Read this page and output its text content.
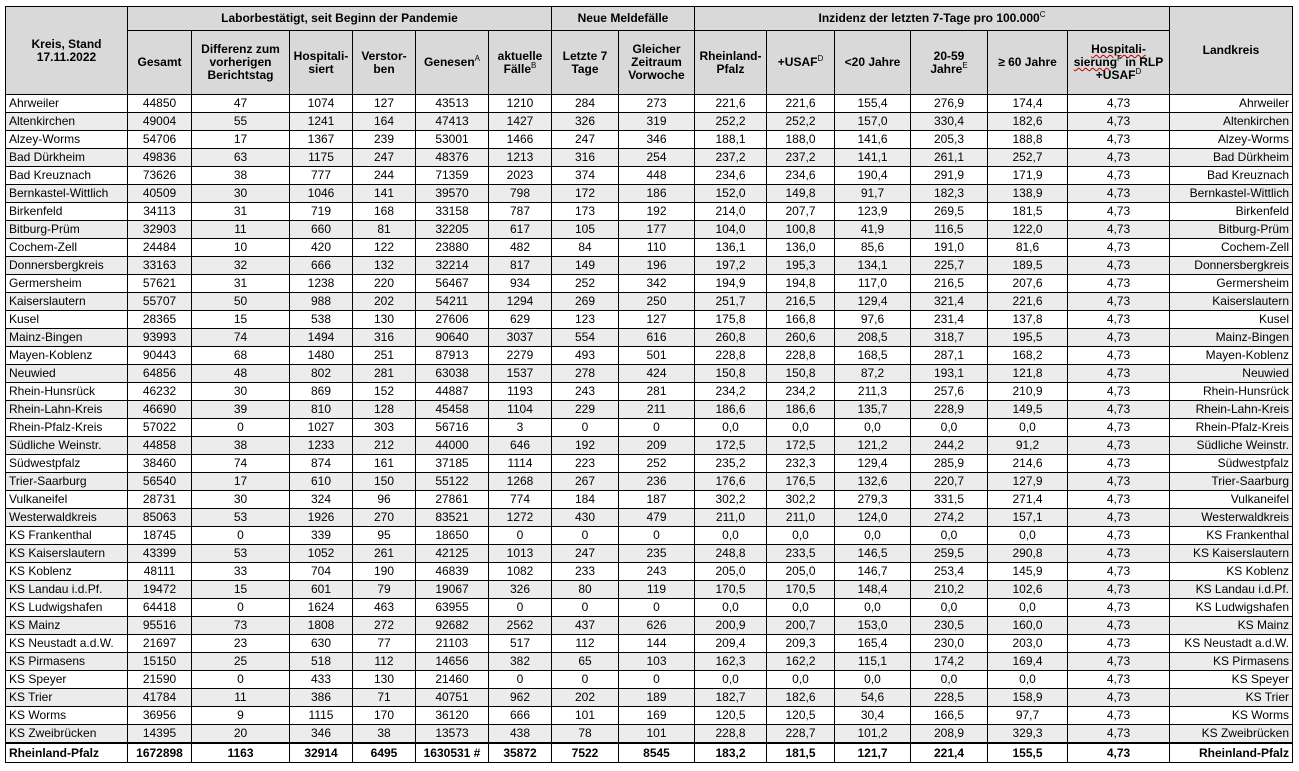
Kreis, Stand 17.11.2022	Laborbestätigt, seit Beginn der Pandemie						Neue Meldefälle		Inzidenz der letzten 7-Tage pro $100.000^C$						Landkreis
	Gesamt	Differenz zum vorherigen Berichtstag	Hospitali-siert	Verstor-ben	Genesen$^A$	aktuelle Fälle$^B$	Letzte 7 Tage	Gleicher Zeitraum Vorwoche	Rheinland-Pfalz	$+USAF^D$	<20 Jahre	20-59 Jahre$^E$	≥ 60 Jahre	Hospitali-sierung$^F$ in RLP $+USAF^D$
Ahrweiler	44850	47	1074	127	43513	1210	284	273	221,6	221,6	155,4	276,9	174,4	4,73	Ahrweiler
Altenkirchen	49004	55	1241	164	47413	1427	326	319	252,2	252,2	157,0	330,4	182,6	4,73	Altenkirchen
Alzey-Worms	54706	17	1367	239	53001	1466	247	346	188,1	188,0	141,6	205,3	188,8	4,73	Alzey-Worms
Bad Dürkheim	49836	63	1175	247	48376	1213	316	254	237,2	237,2	141,1	261,1	252,7	4,73	Bad Dürkheim
Bad Kreuznach	73626	38	777	244	71359	2023	374	448	234,6	234,6	190,4	291,9	171,9	4,73	Bad Kreuznach
Bernkastel-Wittlich	40509	30	1046	141	39570	798	172	186	152,0	149,8	91,7	182,3	138,9	4,73	Bernkastel-Wittlich
Birkenfeld	34113	31	719	168	33158	787	173	192	214,0	207,7	123,9	269,5	181,5	4,73	Birkenfeld
Bitburg-Prüm	32903	11	660	81	32205	617	105	177	104,0	100,8	41,9	116,5	122,0	4,73	Bitburg-Prüm
Cochem-Zell	24484	10	420	122	23880	482	84	110	136,1	136,0	85,6	191,0	81,6	4,73	Cochem-Zell
Donnersbergkreis	33163	32	666	132	32214	817	149	196	197,2	195,3	134,1	225,7	189,5	4,73	Donnersbergkreis
Germersheim	57621	31	1238	220	56467	934	252	342	194,9	194,8	117,0	216,5	207,6	4,73	Germersheim
Kaiserslautern	55707	50	988	202	54211	1294	269	250	251,7	216,5	129,4	321,4	221,6	4,73	Kaiserslautern
Kusel	28365	15	538	130	27606	629	123	127	175,8	166,8	97,6	231,4	137,8	4,73	Kusel
Mainz-Bingen	93993	74	1494	316	90640	3037	554	616	260,8	260,6	208,5	318,7	195,5	4,73	Mainz-Bingen
Mayen-Koblenz	90443	68	1480	251	87913	2279	493	501	228,8	228,8	168,5	287,1	168,2	4,73	Mayen-Koblenz
Neuwied	64856	48	802	281	63038	1537	278	424	150,8	150,8	87,2	193,1	121,8	4,73	Neuwied
Rhein-Hunsrück	46232	30	869	152	44887	1193	243	281	234,2	234,2	211,3	257,6	210,9	4,73	Rhein-Hunsrück
Rhein-Lahn-Kreis	46690	39	810	128	45458	1104	229	211	186,6	186,6	135,7	228,9	149,5	4,73	Rhein-Lahn-Kreis
Rhein-Pfalz-Kreis	57022	0	1027	303	56716	3	0	0	0,0	0,0	0,0	0,0	0,0	4,73	Rhein-Pfalz-Kreis
Südliche Weinstr.	44858	38	1233	212	44000	646	192	209	172,5	172,5	121,2	244,2	91,2	4,73	Südliche Weinstr.
Südwestpfalz	38460	74	874	161	37185	1114	223	252	235,2	232,3	129,4	285,9	214,6	4,73	Südwestpfalz
Trier-Saarburg	56540	17	610	150	55122	1268	267	236	176,6	176,5	132,6	220,7	127,9	4,73	Trier-Saarburg
Vulkaneifel	28731	30	324	96	27861	774	184	187	302,2	302,2	279,3	331,5	271,4	4,73	Vulkaneifel
Westerwaldkreis	85063	53	1926	270	83521	1272	430	479	211,0	211,0	124,0	274,2	157,1	4,73	Westerwaldkreis
KS Frankenthal	18745	0	339	95	18650	0	0	0	0,0	0,0	0,0	0,0	0,0	4,73	KS Frankenthal
KS Kaiserslautern	43399	53	1052	261	42125	1013	247	235	248,8	233,5	146,5	259,5	290,8	4,73	KS Kaiserslautern
KS Koblenz	48111	33	704	190	46839	1082	233	243	205,0	205,0	146,7	253,4	145,9	4,73	KS Koblenz
KS Landau i.d.Pf.	19472	15	601	79	19067	326	80	119	170,5	170,5	148,4	210,2	102,6	4,73	KS Landau i.d.Pf.
KS Ludwigshafen	64418	0	1624	463	63955	0	0	0	0,0	0,0	0,0	0,0	0,0	4,73	KS Ludwigshafen
KS Mainz	95516	73	1808	272	92682	2562	437	626	200,9	200,7	153,0	230,5	160,0	4,73	KS Mainz
KS Neustadt a.d.W.	21697	23	630	77	21103	517	112	144	209,4	209,3	165,4	230,0	203,0	4,73	KS Neustadt a.d.W.
KS Pirmasens	15150	25	518	112	14656	382	65	103	162,3	162,2	115,1	174,2	169,4	4,73	KS Pirmasens
KS Speyer	21590	0	433	130	21460	0	0	0	0,0	0,0	0,0	0,0	0,0	4,73	KS Speyer
KS Trier	41784	11	386	71	40751	962	202	189	182,7	182,6	54,6	228,5	158,9	4,73	KS Trier
KS Worms	36956	9	1115	170	36120	666	101	169	120,5	120,5	30,4	166,5	97,7	4,73	KS Worms
KS Zweibrücken	14395	20	346	38	13573	438	78	101	228,8	228,7	101,2	208,9	329,3	4,73	KS Zweibrücken
Rheinland-Pfalz	1672898	1163	32914	6495	1630531 #	35872	7522	8545	183,2	181,5	121,7	221,4	155,5	4,73	Rheinland-Pfalz
